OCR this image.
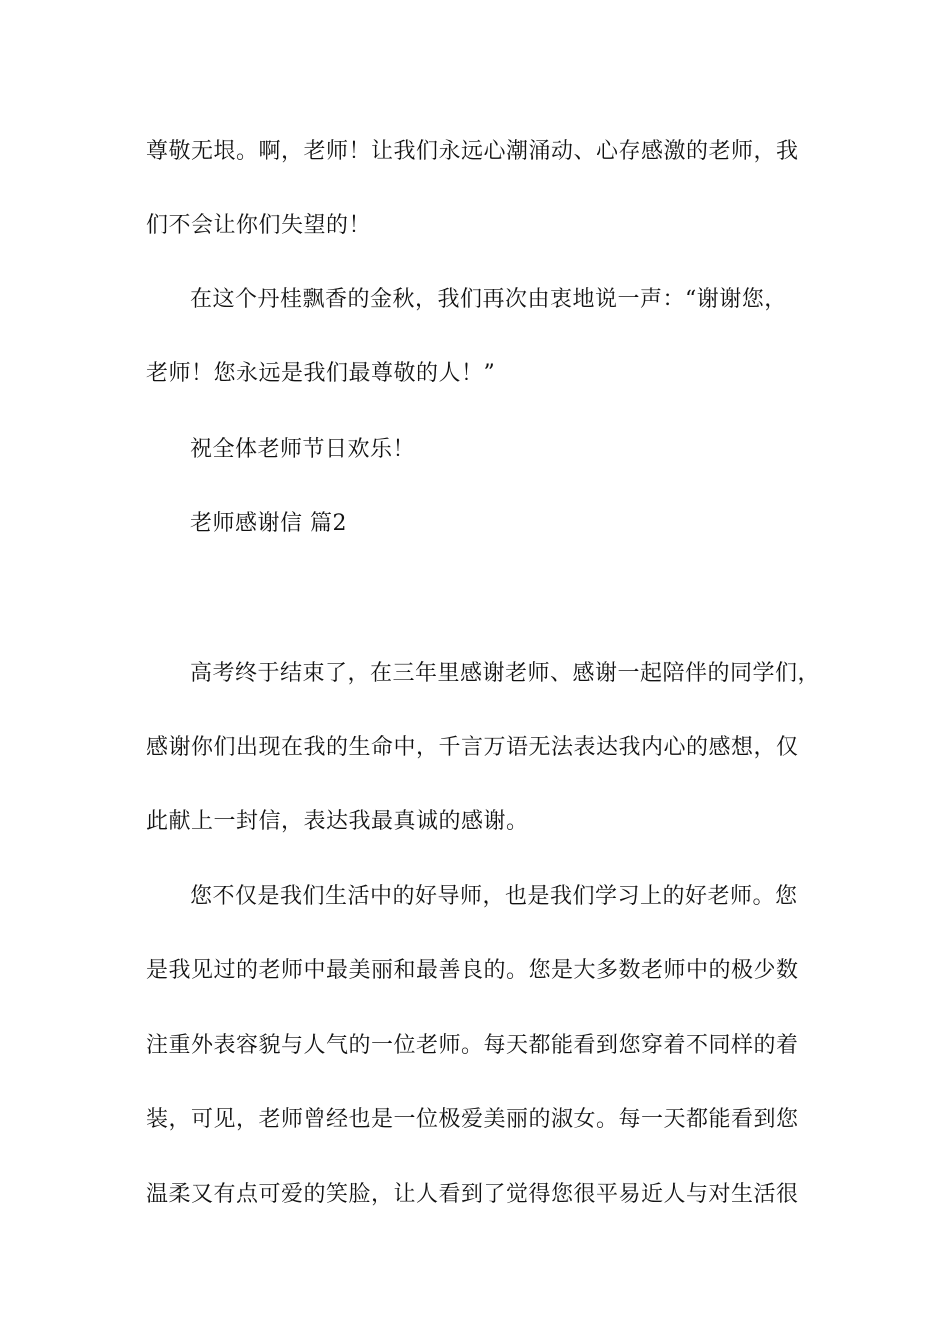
尊敬无垠。啊，老师！让我们永远心潮涌动、心存感激的老师，我
们不会让你们失望的！
在这个丹桂飘香的金秋，我们再次由衷地说一声：“谢谢您，
老师！您永远是我们最尊敬的人！”
祝全体老师节日欢乐！
老师感谢信 篇2
高考终于结束了，在三年里感谢老师、感谢一起陪伴的同学们，
感谢你们出现在我的生命中，千言万语无法表达我内心的感想，仅
此献上一封信，表达我最真诚的感谢。
您不仅是我们生活中的好导师，也是我们学习上的好老师。您
是我见过的老师中最美丽和最善良的。您是大多数老师中的极少数
注重外表容貌与人气的一位老师。每天都能看到您穿着不同样的着
装，可见，老师曾经也是一位极爱美丽的淑女。每一天都能看到您
温柔又有点可爱的笑脸，让人看到了觉得您很平易近人与对生活很
